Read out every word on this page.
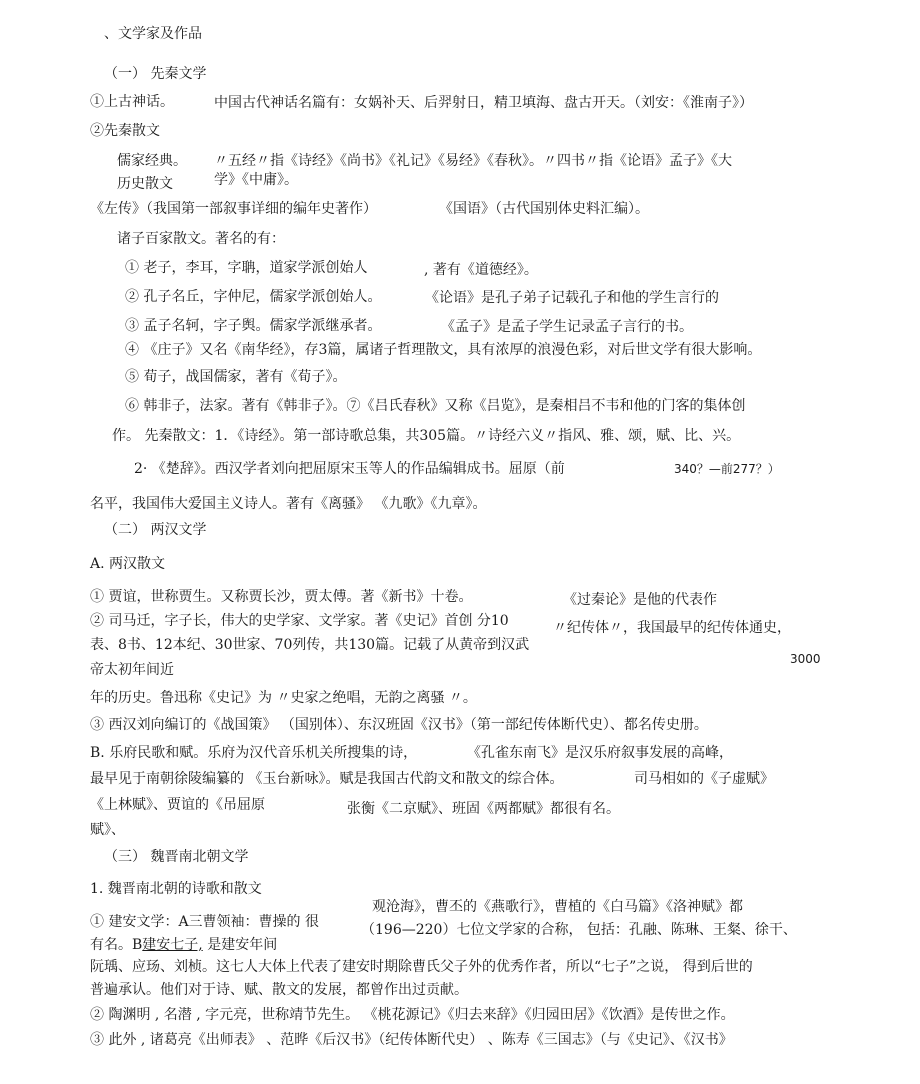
、文学家及作品
（一） 先秦文学
①上古神话。	中国古代神话名篇有：女娲补天、后羿射日，精卫填海、盘古开天。（刘安：《淮南子》）
②先秦散文
儒家经典。 〃五经〃指《诗经》《尚书》《礼记》《易经》《春秋》。〃四书〃指《论语》孟子》《大
历史散文	学》《中庸》。
《左传》（我国第一部叙事详细的编年史著作）	《国语》（古代国别体史料汇编）。
诸子百家散文。著名的有：
① 老子，李耳，字聃，道家学派创始人	, 著有《道德经》。
② 孔子名丘，字仲尼，儒家学派创始人。	《论语》是孔子弟子记载孔子和他的学生言行的
③ 孟子名轲，字子舆。儒家学派继承者。	《孟子》是孟子学生记录孟子言行的书。
④ 《庄子》又名《南华经》，存3篇，属诸子哲理散文，具有浓厚的浪漫色彩，对后世文学有很大影响。
⑤ 荀子，战国儒家，著有《荀子》。
⑥ 韩非子，法家。著有《韩非子》。⑦《吕氏春秋》又称《吕览》，是秦相吕不韦和他的门客的集体创
作。 先秦散文：1．《诗经》。第一部诗歌总集，共305篇。〃诗经六义〃指风、雅、颂，赋、比、兴。
2· 《楚辞》。西汉学者刘向把屈原宋玉等人的作品编辑成书。屈原（前	340？—前277？）
名平，我国伟大爱国主义诗人。著有《离骚》 《九歌》《九章》。
（二） 两汉文学
A. 两汉散文
① 贾谊，世称贾生。又称贾长沙，贾太傅。著《新书》十卷。	《过秦论》是他的代表作
② 司马迁，字子长，伟大的史学家、文学家。著《史记》首创 分10	〃纪传体〃，我国最早的纪传体通史，
表、8书、12本纪、30世家、70列传，共130篇。记载了从黄帝到汉武
3000
帝太初年间近
年的历史。鲁迅称《史记》为 〃史家之绝唱，无韵之离骚 〃。
③ 西汉刘向编订的《战国策》 （国别体）、东汉班固《汉书》（第一部纪传体断代史）、都名传史册。
B. 乐府民歌和赋。乐府为汉代音乐机关所搜集的诗，	《孔雀东南飞》是汉乐府叙事发展的高峰，
最早见于南朝徐陵编纂的 《玉台新咏》。赋是我国古代韵文和散文的综合体。	司马相如的《子虚赋》
《上林赋》、贾谊的《吊屈原	张衡《二京赋》、班固《两都赋》都很有名。
赋》、
（三） 魏晋南北朝文学
1. 魏晋南北朝的诗歌和散文
观沧海》，曹丕的《燕歌行》，曹植的《白马篇》《洛神赋》都
① 建安文学：A三曹领袖：曹操的 很	（196—220）七位文学家的合称， 包括：孔融、陈琳、王粲、徐干、
有名。B建安七子, 是建安年间
阮瑀、应玚、刘桢。这七人大体上代表了建安时期除曹氏父子外的优秀作者，所以“七子”之说， 得到后世的
普遍承认。他们对于诗、赋、散文的发展，都曾作出过贡献。
② 陶渊明 , 名潜 , 字元亮，世称靖节先生。 《桃花源记》《归去来辞》《归园田居》《饮酒》是传世之作。
③ 此外 , 诸葛亮《出师表》 、范晔《后汉书》（纪传体断代史） 、陈寿《三国志》（与《史记》、《汉书》
